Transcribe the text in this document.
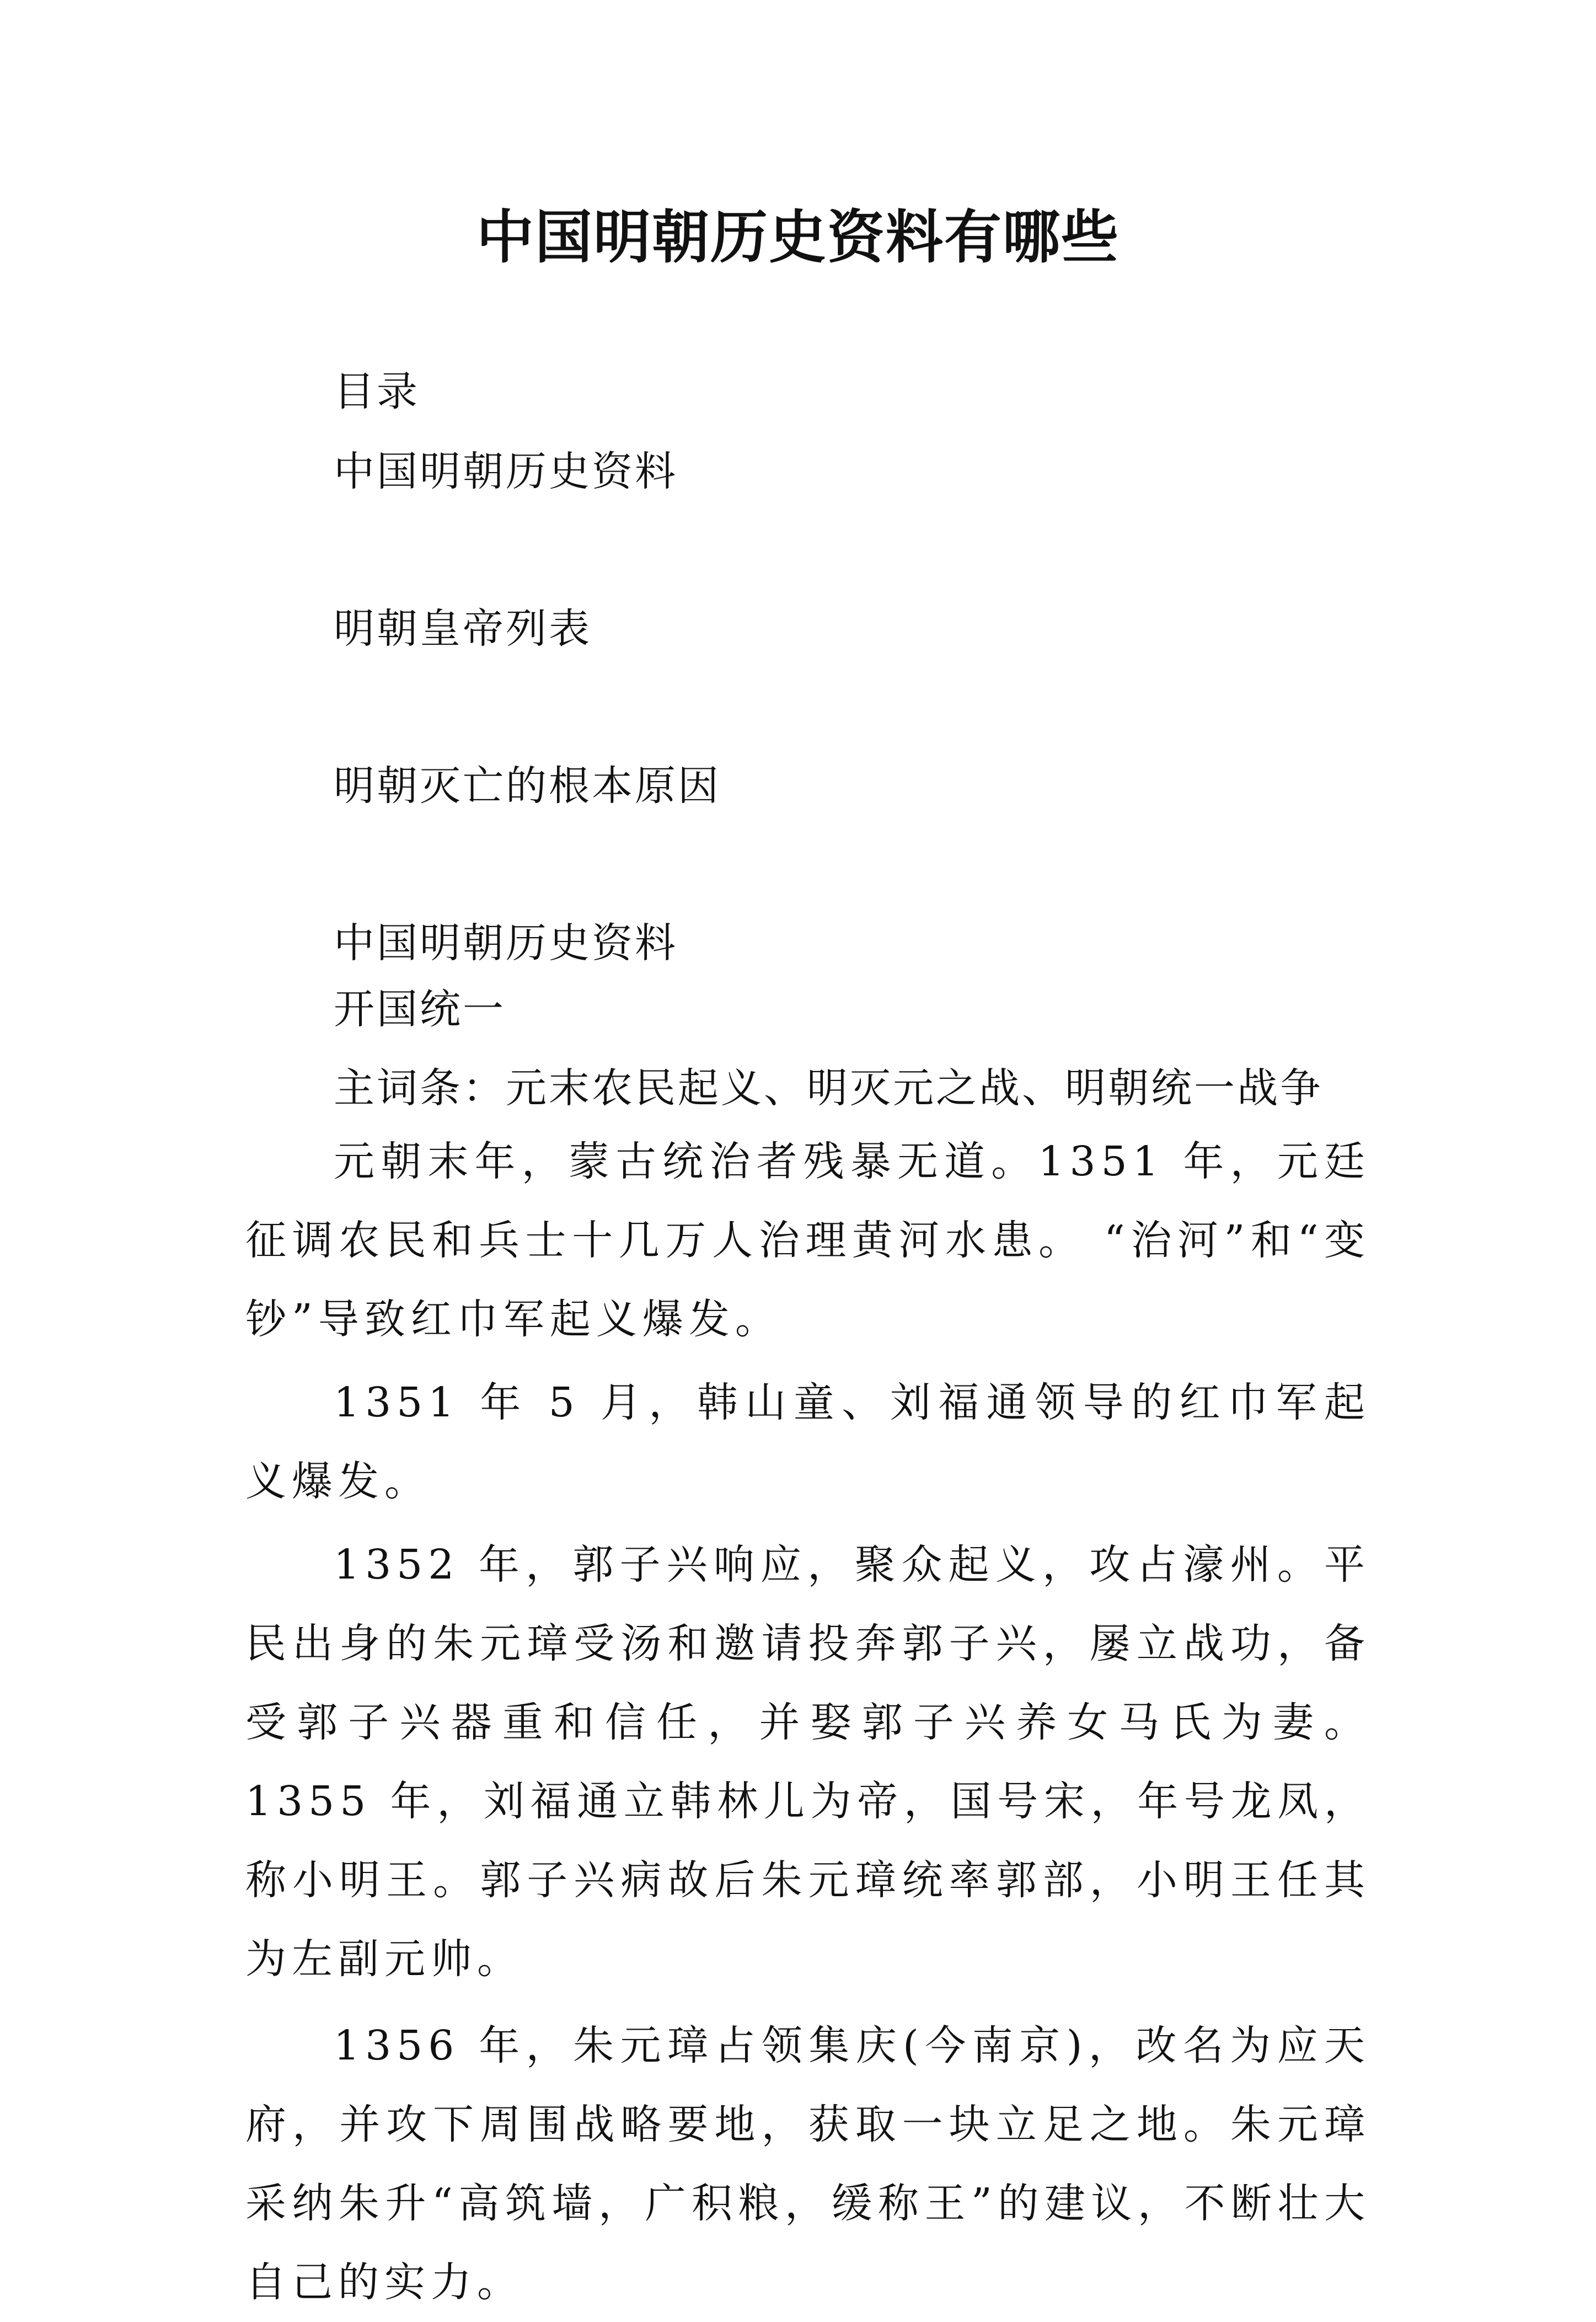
中国明朝历史资料有哪些
目录
中国明朝历史资料
明朝皇帝列表
明朝灭亡的根本原因
中国明朝历史资料
开国统一
主词条：元末农民起义、明灭元之战、明朝统一战争

元朝末年，蒙古统治者残暴无道。1351 年，元廷征调农民和兵士十几万人治理黄河水患。 “治河”和“变钞”导致红巾军起义爆发。

1351 年 5 月，韩山童、刘福通领导的红巾军起义爆发。

1352 年，郭子兴响应，聚众起义，攻占濠州。平民出身的朱元璋受汤和邀请投奔郭子兴，屡立战功，备受郭子兴器重和信任，并娶郭子兴养女马氏为妻。 1355 年，刘福通立韩林儿为帝，国号宋，年号龙凤，称小明王。郭子兴病故后朱元璋统率郭部，小明王任其为左副元帅。

1356 年，朱元璋占领集庆(今南京)，改名为应天府，并攻下周围战略要地，获取一块立足之地。朱元璋采纳朱升“高筑墙，广积粮，缓称王”的建议，不断壮大自己的实力。
